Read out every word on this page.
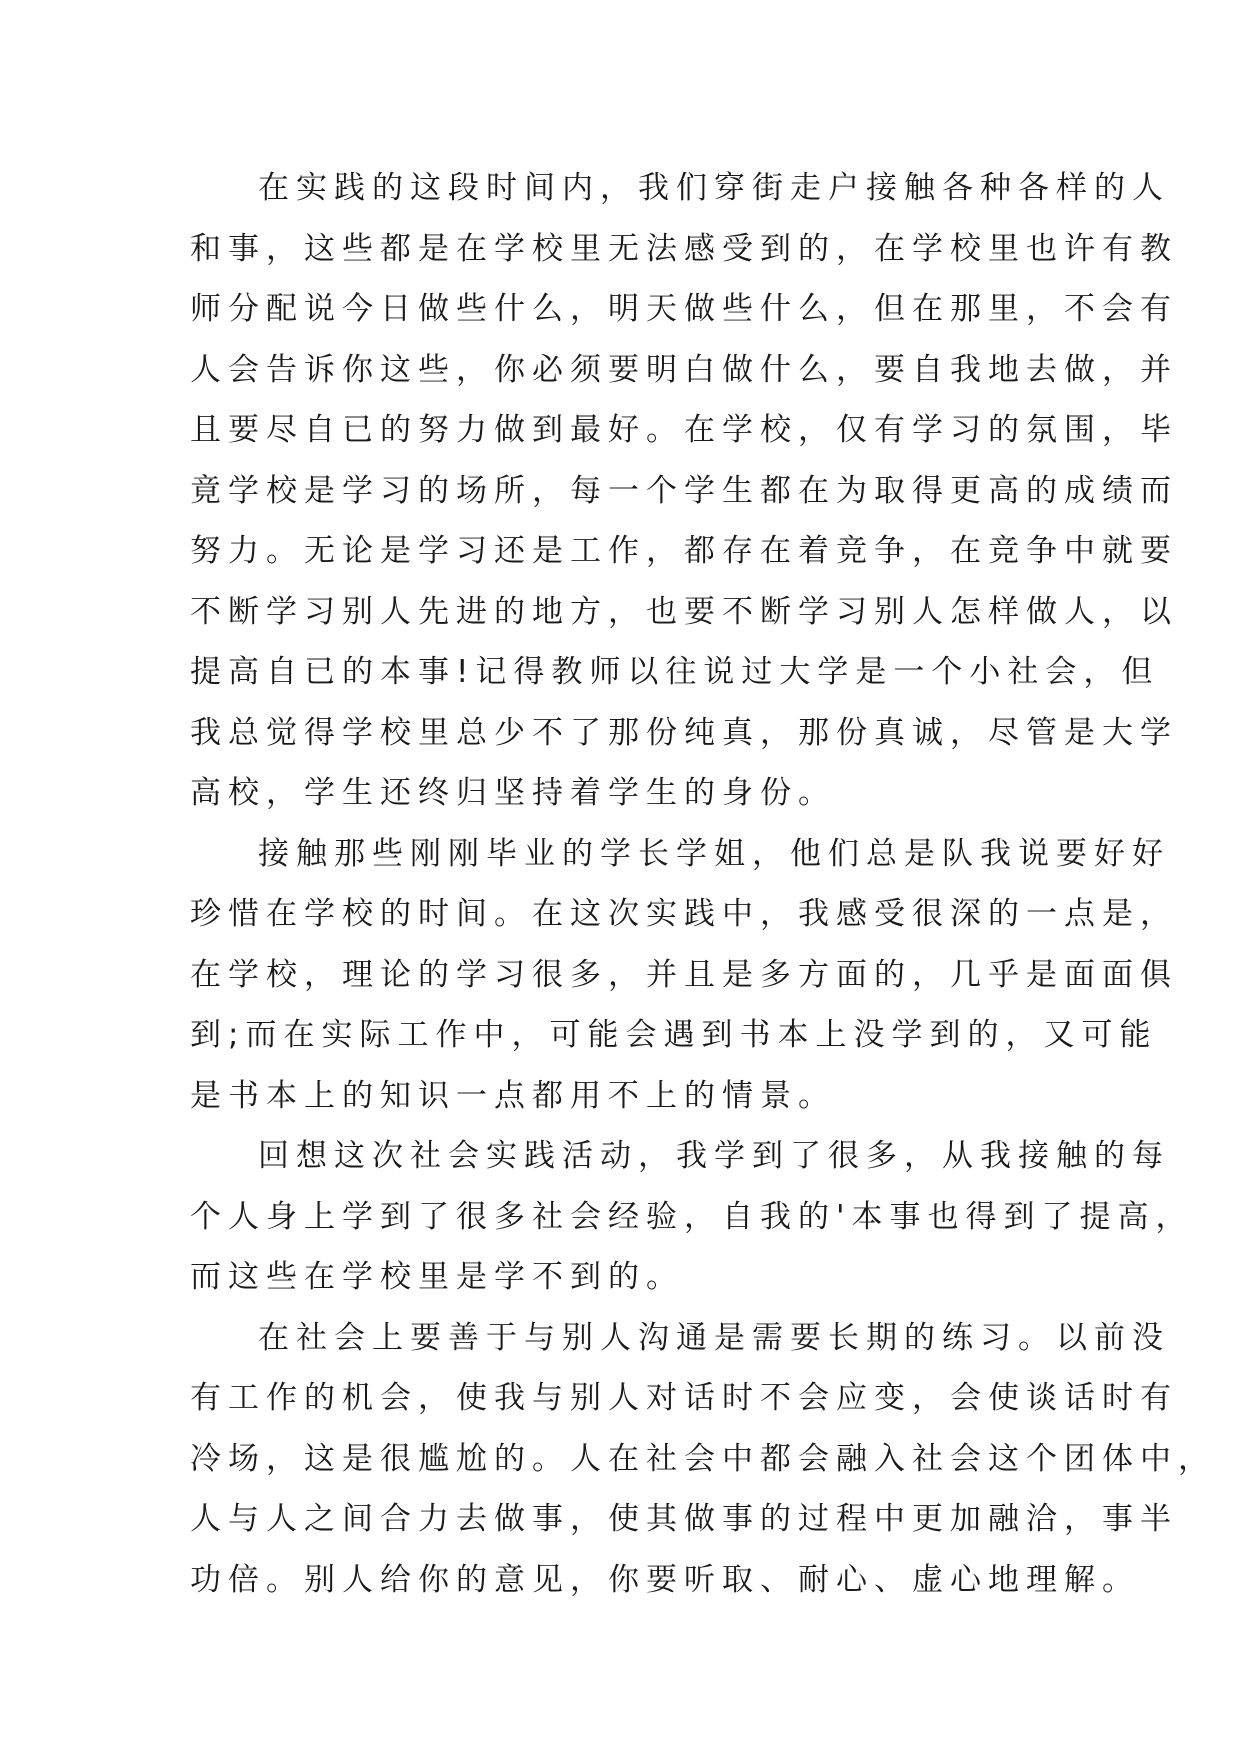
在实践的这段时间内，我们穿街走户接触各种各样的人
和事，这些都是在学校里无法感受到的，在学校里也许有教
师分配说今日做些什么，明天做些什么，但在那里，不会有
人会告诉你这些，你必须要明白做什么，要自我地去做，并
且要尽自已的努力做到最好。在学校，仅有学习的氛围，毕
竟学校是学习的场所，每一个学生都在为取得更高的成绩而
努力。无论是学习还是工作，都存在着竞争，在竞争中就要
不断学习别人先进的地方，也要不断学习别人怎样做人，以
提高自已的本事!记得教师以往说过大学是一个小社会，但
我总觉得学校里总少不了那份纯真，那份真诚，尽管是大学
高校，学生还终归坚持着学生的身份。
接触那些刚刚毕业的学长学姐，他们总是队我说要好好
珍惜在学校的时间。在这次实践中，我感受很深的一点是，
在学校，理论的学习很多，并且是多方面的，几乎是面面俱
到;而在实际工作中，可能会遇到书本上没学到的，又可能
是书本上的知识一点都用不上的情景。
回想这次社会实践活动，我学到了很多，从我接触的每
个人身上学到了很多社会经验，自我的'本事也得到了提高，
而这些在学校里是学不到的。
在社会上要善于与别人沟通是需要长期的练习。以前没
有工作的机会，使我与别人对话时不会应变，会使谈话时有
冷场，这是很尴尬的。人在社会中都会融入社会这个团体中，
人与人之间合力去做事，使其做事的过程中更加融洽，事半
功倍。别人给你的意见，你要听取、耐心、虚心地理解。
